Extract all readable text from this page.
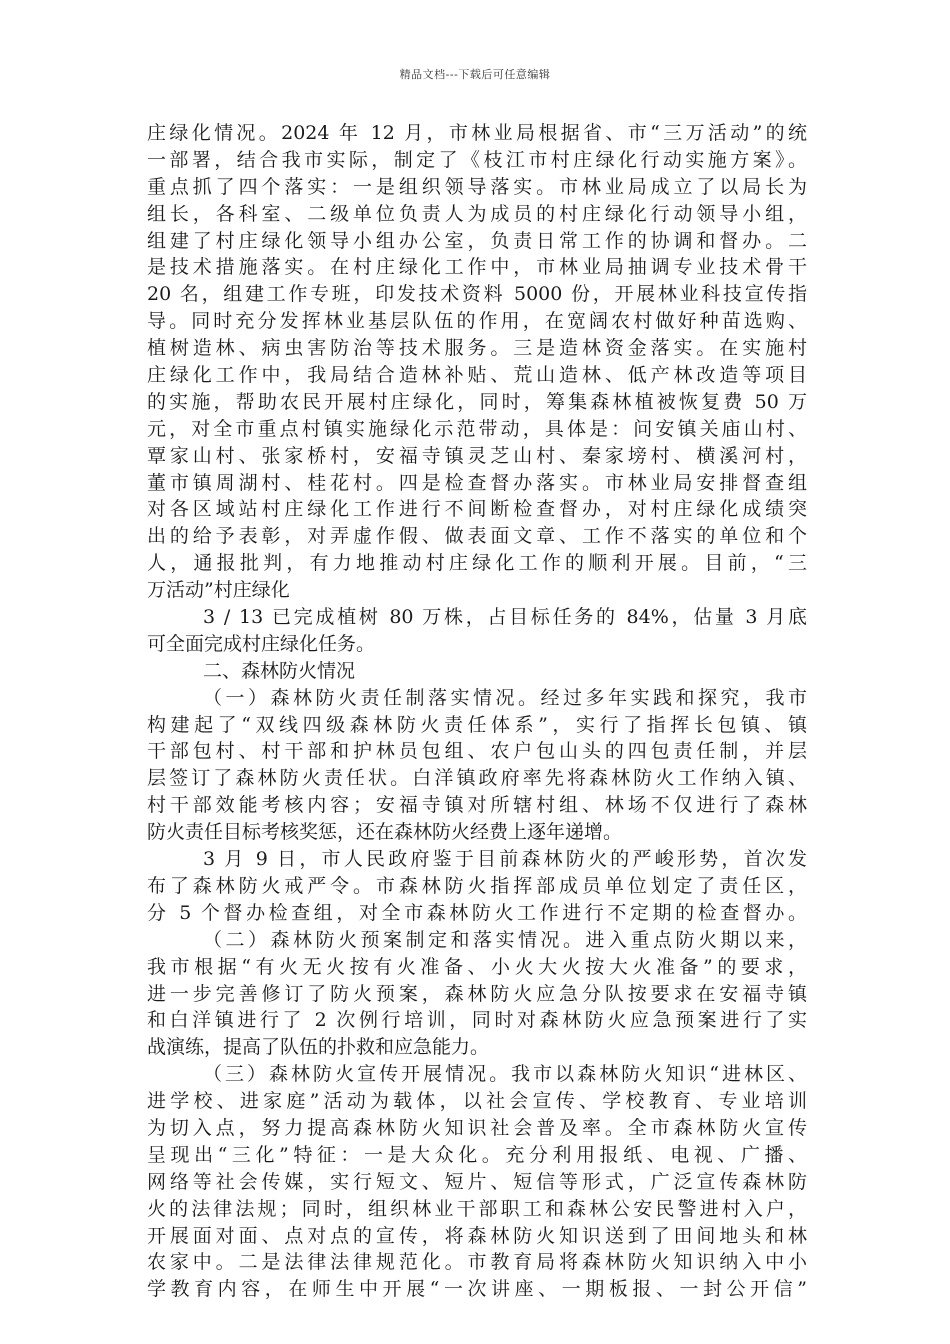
精品文档---下载后可任意编辑
庄绿化情况。2024 年 12 月，市林业局根据省、市“三万活动”的统
一部署，结合我市实际，制定了《枝江市村庄绿化行动实施方案》。
重点抓了四个落实：一是组织领导落实。市林业局成立了以局长为
组长，各科室、二级单位负责人为成员的村庄绿化行动领导小组，
组建了村庄绿化领导小组办公室，负责日常工作的协调和督办。二
是技术措施落实。在村庄绿化工作中，市林业局抽调专业技术骨干
20 名，组建工作专班，印发技术资料 5000 份，开展林业科技宣传指
导。同时充分发挥林业基层队伍的作用，在宽阔农村做好种苗选购、
植树造林、病虫害防治等技术服务。三是造林资金落实。在实施村
庄绿化工作中，我局结合造林补贴、荒山造林、低产林改造等项目
的实施，帮助农民开展村庄绿化，同时，筹集森林植被恢复费 50 万
元，对全市重点村镇实施绿化示范带动，具体是：问安镇关庙山村、
覃家山村、张家桥村，安福寺镇灵芝山村、秦家塝村、横溪河村，
董市镇周湖村、桂花村。四是检查督办落实。市林业局安排督查组
对各区域站村庄绿化工作进行不间断检查督办，对村庄绿化成绩突
出的给予表彰，对弄虚作假、做表面文章、工作不落实的单位和个
人，通报批判，有力地推动村庄绿化工作的顺利开展。目前，“三
万活动”村庄绿化
3 / 13 已完成植树 80 万株，占目标任务的 84%，估量 3 月底
可全面完成村庄绿化任务。
二、森林防火情况
（一）森林防火责任制落实情况。经过多年实践和探究，我市
构建起了“双线四级森林防火责任体系”，实行了指挥长包镇、镇
干部包村、村干部和护林员包组、农户包山头的四包责任制，并层
层签订了森林防火责任状。白洋镇政府率先将森林防火工作纳入镇、
村干部效能考核内容；安福寺镇对所辖村组、林场不仅进行了森林
防火责任目标考核奖惩，还在森林防火经费上逐年递增。
3 月 9 日，市人民政府鉴于目前森林防火的严峻形势，首次发
布了森林防火戒严令。市森林防火指挥部成员单位划定了责任区，
分 5 个督办检查组，对全市森林防火工作进行不定期的检查督办。
（二）森林防火预案制定和落实情况。进入重点防火期以来，
我市根据“有火无火按有火准备、小火大火按大火准备”的要求，
进一步完善修订了防火预案，森林防火应急分队按要求在安福寺镇
和白洋镇进行了 2 次例行培训，同时对森林防火应急预案进行了实
战演练，提高了队伍的扑救和应急能力。
（三）森林防火宣传开展情况。我市以森林防火知识“进林区、
进学校、进家庭”活动为载体，以社会宣传、学校教育、专业培训
为切入点，努力提高森林防火知识社会普及率。全市森林防火宣传
呈现出“三化”特征：一是大众化。充分利用报纸、电视、广播、
网络等社会传媒，实行短文、短片、短信等形式，广泛宣传森林防
火的法律法规；同时，组织林业干部职工和森林公安民警进村入户，
开展面对面、点对点的宣传，将森林防火知识送到了田间地头和林
农家中。二是法律法律规范化。市教育局将森林防火知识纳入中小
学教育内容，在师生中开展“一次讲座、一期板报、一封公开信”
